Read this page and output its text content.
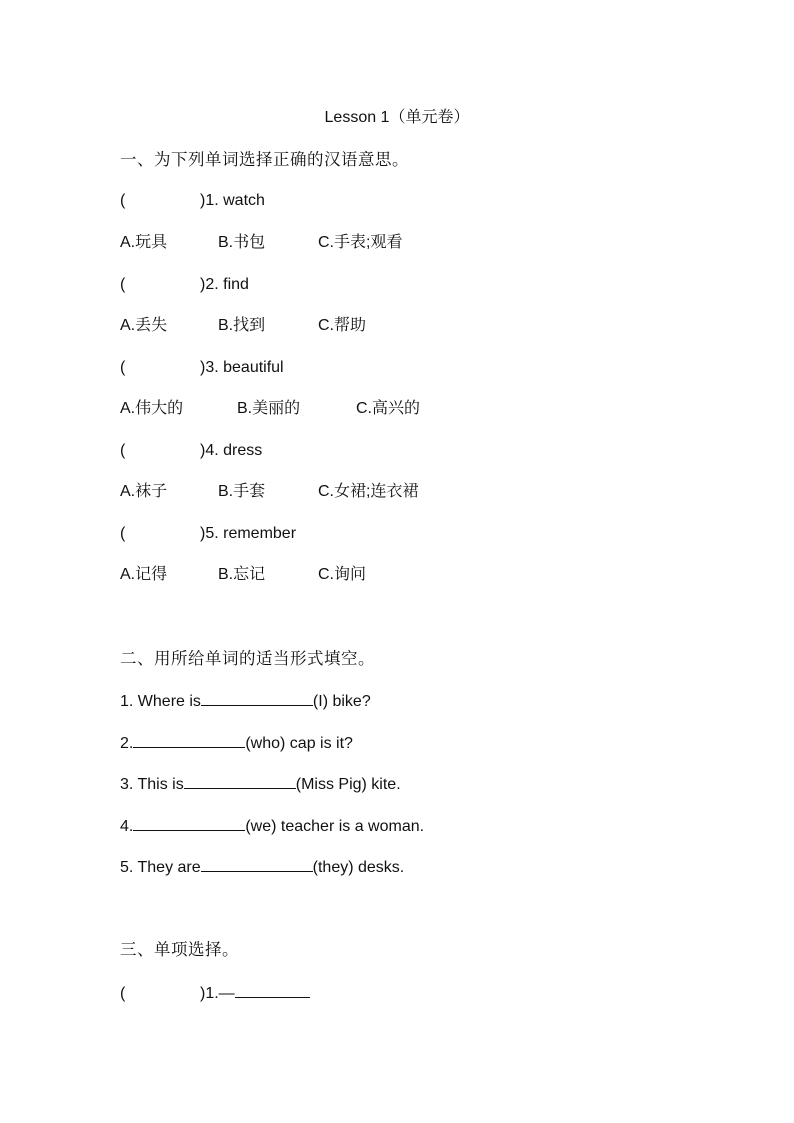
Lesson 1（单元卷）
一、为下列单词选择正确的汉语意思。
(	)1. watch
A.玩具	B.书包	C.手表;观看
(	)2. find
A.丢失	B.找到	C.帮助
(	)3. beautiful
A.伟大的	B.美丽的	C.高兴的
(	)4. dress
A.袜子	B.手套	C.女裙;连衣裙
(	)5. remember
A.记得	B.忘记	C.询问
二、用所给单词的适当形式填空。
1. Where is	(I) bike?
2.	(who) cap is it?
3. This is	(Miss Pig) kite.
4.	(we) teacher is a woman.
5. They are	(they) desks.
三、单项选择。
(	)1.—
